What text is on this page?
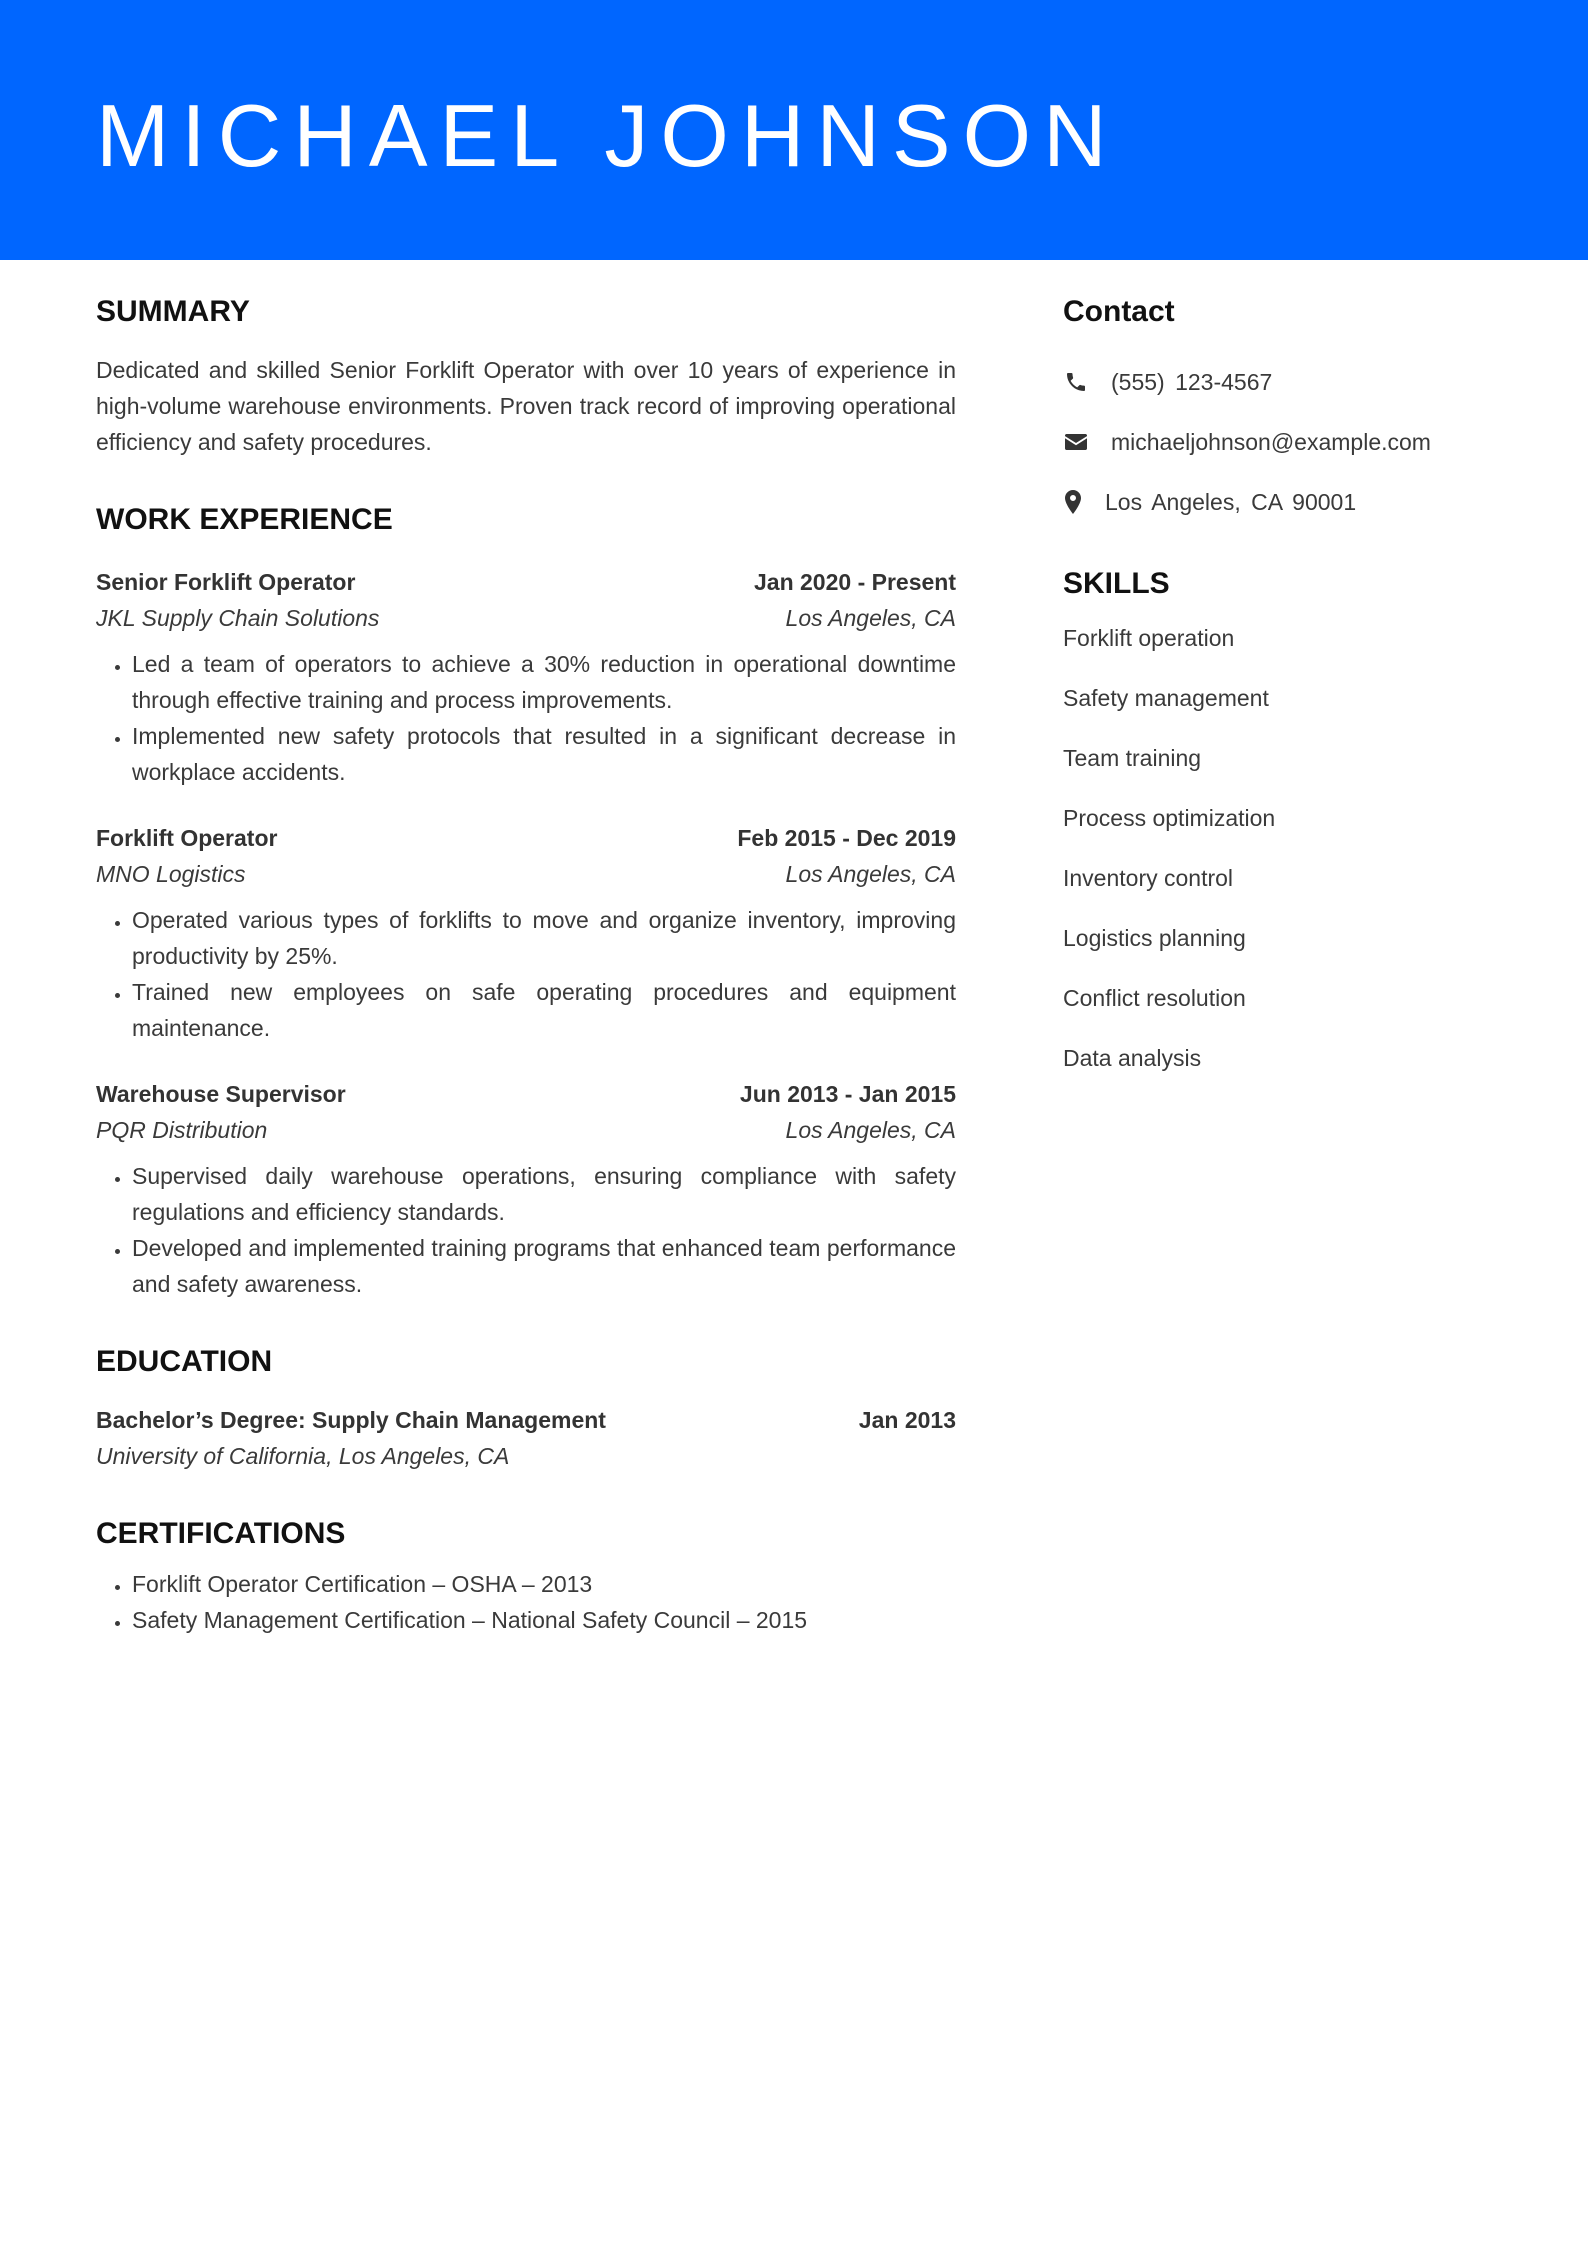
MICHAEL JOHNSON
SUMMARY

Dedicated and skilled Senior Forklift Operator with over 10 years of experience in high-volume warehouse environments. Proven track record of improving operational efficiency and safety procedures.

WORK EXPERIENCE
Senior Forklift Operator	Jan 2020 - Present
JKL Supply Chain Solutions	Los Angeles, CA
• Led a team of operators to achieve a 30% reduction in operational downtime through effective training and process improvements.
• Implemented new safety protocols that resulted in a significant decrease in workplace accidents.
Forklift Operator	Feb 2015 - Dec 2019
MNO Logistics	Los Angeles, CA
• Operated various types of forklifts to move and organize inventory, improving productivity by 25%.
• Trained new employees on safe operating procedures and equipment maintenance.
Warehouse Supervisor	Jun 2013 - Jan 2015
PQR Distribution	Los Angeles, CA
• Supervised daily warehouse operations, ensuring compliance with safety regulations and efficiency standards.
• Developed and implemented training programs that enhanced team performance and safety awareness.
EDUCATION
Bachelor’s Degree: Supply Chain Management	Jan 2013
University of California, Los Angeles, CA
CERTIFICATIONS
• Forklift Operator Certification – OSHA – 2013
• Safety Management Certification – National Safety Council – 2015
Contact
(555) 123-4567
michaeljohnson@example.com
Los Angeles, CA 90001
SKILLS
Forklift operation
Safety management
Team training
Process optimization
Inventory control
Logistics planning
Conflict resolution
Data analysis
